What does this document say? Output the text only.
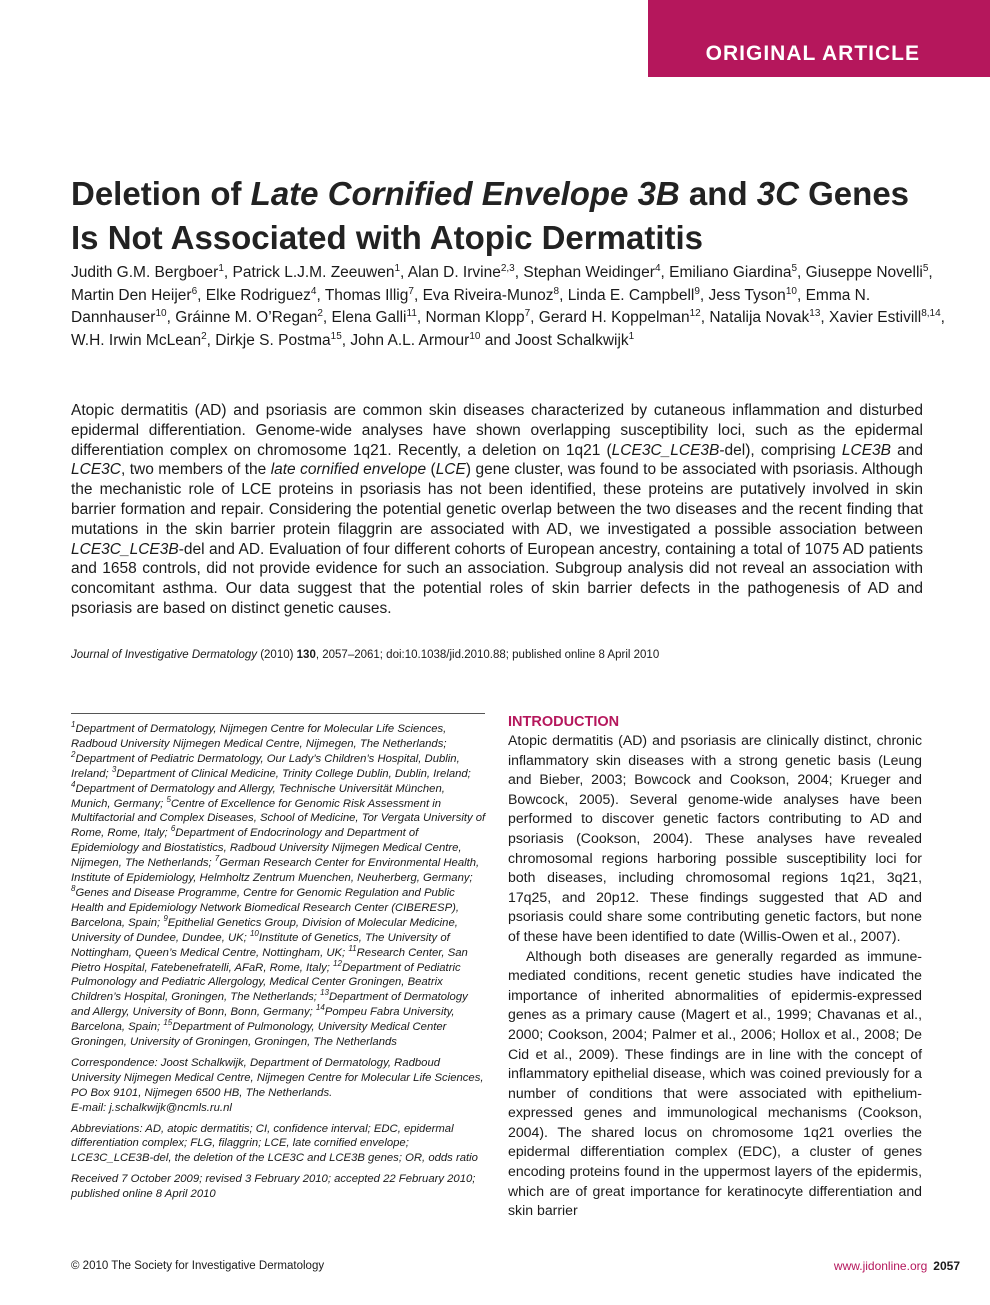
ORIGINAL ARTICLE
Deletion of Late Cornified Envelope 3B and 3C Genes
Is Not Associated with Atopic Dermatitis

Judith G.M. Bergboer$^1$, Patrick L.J.M. Zeeuwen$^1$, Alan D. Irvine$^{2,3}$, Stephan Weidinger$^4$, Emiliano Giardina$^5$, Giuseppe Novelli$^5$, Martin Den Heijer$^6$, Elke Rodriguez$^4$, Thomas Illig$^7$, Eva Riveira-Munoz$^8$, Linda E. Campbell$^9$, Jess Tyson$^{10}$, Emma N. Dannhauser$^{10}$, Gráinne M. O’Regan$^2$, Elena Galli$^{11}$, Norman Klopp$^7$, Gerard H. Koppelman$^{12}$, Natalija Novak$^{13}$, Xavier Estivill$^{8,14}$, W.H. Irwin McLean$^2$, Dirkje S. Postma$^{15}$, John A.L. Armour$^{10}$ and Joost Schalkwijk$^1$

Atopic dermatitis (AD) and psoriasis are common skin diseases characterized by cutaneous inflammation and disturbed epidermal differentiation. Genome-wide analyses have shown overlapping susceptibility loci, such as the epidermal differentiation complex on chromosome 1q21. Recently, a deletion on 1q21 (LCE3C_LCE3B-del), comprising LCE3B and LCE3C, two members of the late cornified envelope (LCE) gene cluster, was found to be associated with psoriasis. Although the mechanistic role of LCE proteins in psoriasis has not been identified, these proteins are putatively involved in skin barrier formation and repair. Considering the potential genetic overlap between the two diseases and the recent finding that mutations in the skin barrier protein filaggrin are associated with AD, we investigated a possible association between LCE3C_LCE3B-del and AD. Evaluation of four different cohorts of European ancestry, containing a total of 1075 AD patients and 1658 controls, did not provide evidence for such an association. Subgroup analysis did not reveal an association with concomitant asthma. Our data suggest that the potential roles of skin barrier defects in the pathogenesis of AD and psoriasis are based on distinct genetic causes.

Journal of Investigative Dermatology (2010) 130, 2057–2061; doi:10.1038/jid.2010.88; published online 8 April 2010

$^1$Department of Dermatology, Nijmegen Centre for Molecular Life Sciences, Radboud University Nijmegen Medical Centre, Nijmegen, The Netherlands; $^2$Department of Pediatric Dermatology, Our Lady’s Children’s Hospital, Dublin, Ireland; $^3$Department of Clinical Medicine, Trinity College Dublin, Dublin, Ireland; $^4$Department of Dermatology and Allergy, Technische Universität München, Munich, Germany; $^5$Centre of Excellence for Genomic Risk Assessment in Multifactorial and Complex Diseases, School of Medicine, Tor Vergata University of Rome, Rome, Italy; $^6$Department of Endocrinology and Department of Epidemiology and Biostatistics, Radboud University Nijmegen Medical Centre, Nijmegen, The Netherlands; $^7$German Research Center for Environmental Health, Institute of Epidemiology, Helmholtz Zentrum Muenchen, Neuherberg, Germany; $^8$Genes and Disease Programme, Centre for Genomic Regulation and Public Health and Epidemiology Network Biomedical Research Center (CIBERESP), Barcelona, Spain; $^9$Epithelial Genetics Group, Division of Molecular Medicine, University of Dundee, Dundee, UK; $^{10}$Institute of Genetics, The University of Nottingham, Queen’s Medical Centre, Nottingham, UK; $^{11}$Research Center, San Pietro Hospital, Fatebenefratelli, AFaR, Rome, Italy; $^{12}$Department of Pediatric Pulmonology and Pediatric Allergology, Medical Center Groningen, Beatrix Children’s Hospital, Groningen, The Netherlands; $^{13}$Department of Dermatology and Allergy, University of Bonn, Bonn, Germany; $^{14}$Pompeu Fabra University, Barcelona, Spain; $^{15}$Department of Pulmonology, University Medical Center Groningen, University of Groningen, Groningen, The Netherlands

Correspondence: Joost Schalkwijk, Department of Dermatology, Radboud University Nijmegen Medical Centre, Nijmegen Centre for Molecular Life Sciences, PO Box 9101, Nijmegen 6500 HB, The Netherlands.
E-mail: j.schalkwijk@ncmls.ru.nl

Abbreviations: AD, atopic dermatitis; CI, confidence interval; EDC, epidermal differentiation complex; FLG, filaggrin; LCE, late cornified envelope; LCE3C_LCE3B-del, the deletion of the LCE3C and LCE3B genes; OR, odds ratio

Received 7 October 2009; revised 3 February 2010; accepted 22 February 2010; published online 8 April 2010

INTRODUCTION

Atopic dermatitis (AD) and psoriasis are clinically distinct, chronic inflammatory skin diseases with a strong genetic basis (Leung and Bieber, 2003; Bowcock and Cookson, 2004; Krueger and Bowcock, 2005). Several genome-wide analyses have been performed to discover genetic factors contributing to AD and psoriasis (Cookson, 2004). These analyses have revealed chromosomal regions harboring possible susceptibility loci for both diseases, including chromosomal regions 1q21, 3q21, 17q25, and 20p12. These findings suggested that AD and psoriasis could share some contributing genetic factors, but none of these have been identified to date (Willis-Owen et al., 2007).

Although both diseases are generally regarded as immune-mediated conditions, recent genetic studies have indicated the importance of inherited abnormalities of epidermis-expressed genes as a primary cause (Magert et al., 1999; Chavanas et al., 2000; Cookson, 2004; Palmer et al., 2006; Hollox et al., 2008; De Cid et al., 2009). These findings are in line with the concept of inflammatory epithelial disease, which was coined previously for a number of conditions that were associated with epithelium-expressed genes and immunological mechanisms (Cookson, 2004). The shared locus on chromosome 1q21 overlies the epidermal differentiation complex (EDC), a cluster of genes encoding proteins found in the uppermost layers of the epidermis, which are of great importance for keratinocyte differentiation and skin barrier

© 2010 The Society for Investigative Dermatology	www.jidonline.org 2057
